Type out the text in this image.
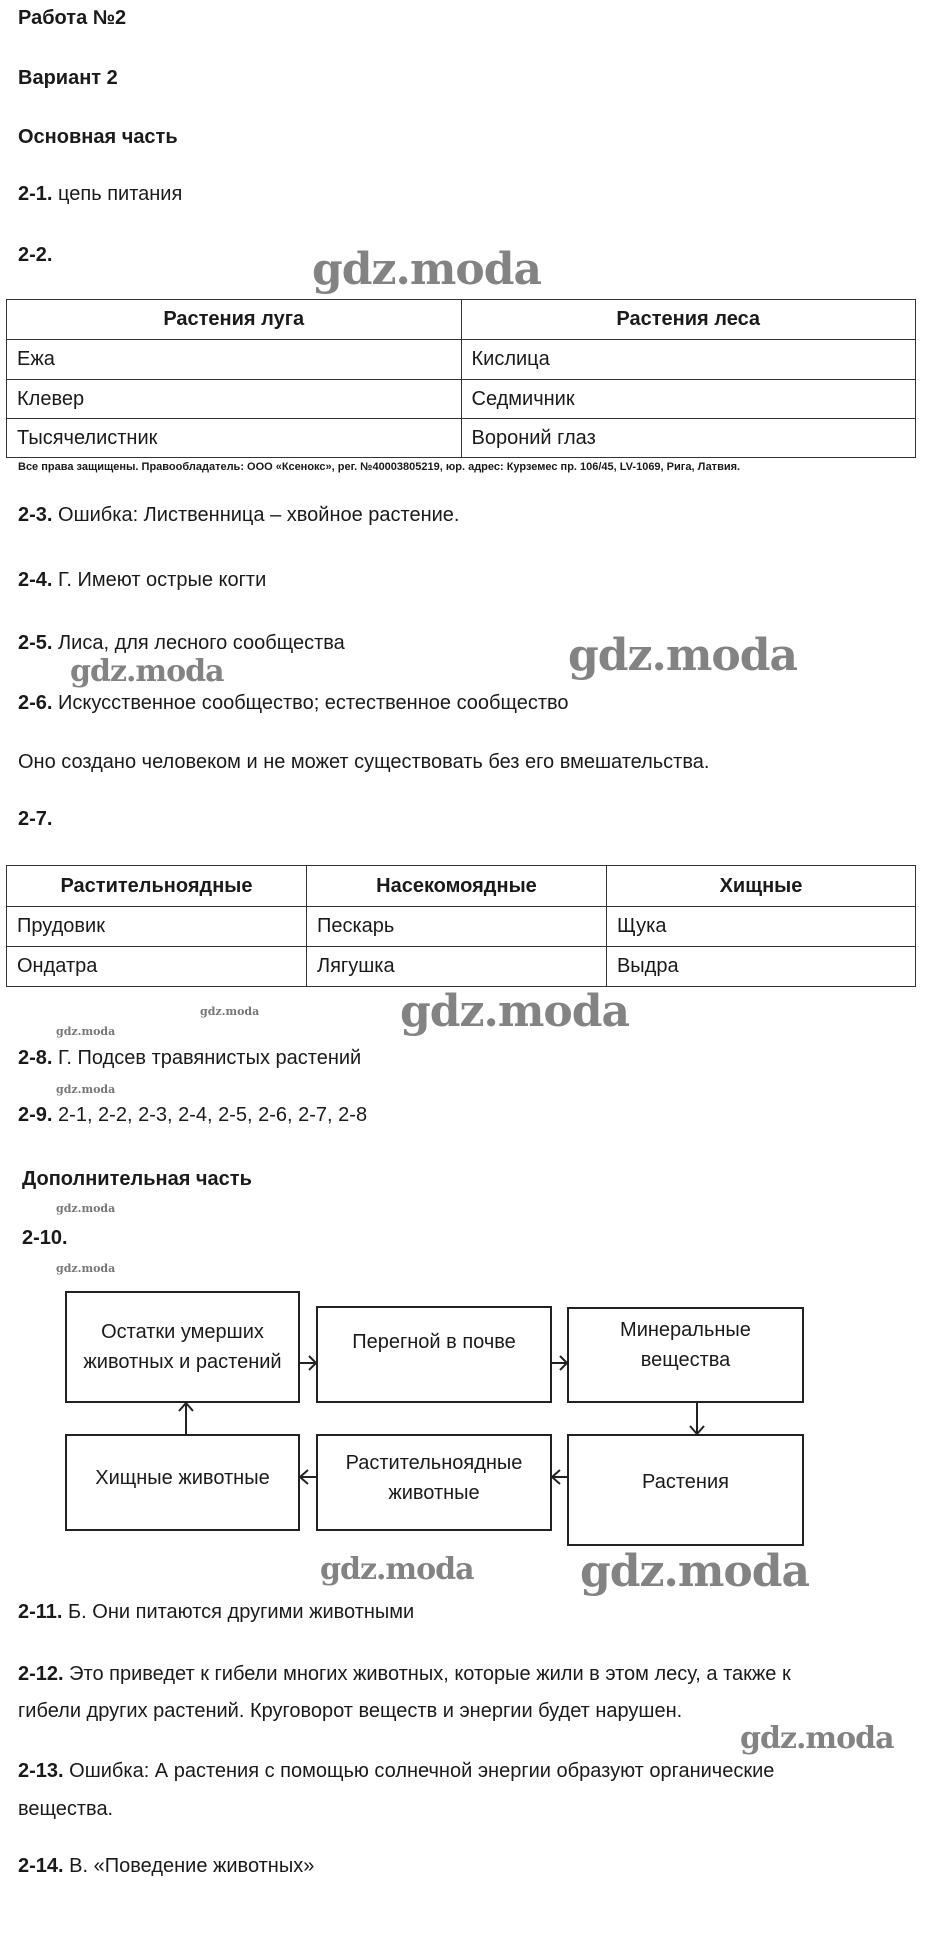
Работа №2
Вариант 2
Основная часть
2-1. цепь питания
2-2.
Растения луга	Растения леса
Ежа	Кислица
Клевер	Седмичник
Тысячелистник	Вороний глаз
Все права защищены. Правообладатель: ООО «Ксенокс», рег. №40003805219, юр. адрес: Курземес пр. 106/45, LV-1069, Рига, Латвия.
2-3. Ошибка: Лиственница – хвойное растение.
2-4. Г. Имеют острые когти
2-5. Лиса, для лесного сообщества
2-6. Искусственное сообщество; естественное сообщество
Оно создано человеком и не может существовать без его вмешательства.
2-7.
Растительноядные	Насекомоядные	Хищные
Прудовик	Пескарь	Щука
Ондатра	Лягушка	Выдра
2-8. Г. Подсев травянистых растений
2-9. 2-1, 2-2, 2-3, 2-4, 2-5, 2-6, 2-7, 2-8
Дополнительная часть
2-10.
Остатки умерших животных и растений
Перегной в почве
Минеральные вещества
Растения
Растительноядные животные
Хищные животные
2-11. Б. Они питаются другими животными
2-12. Это приведет к гибели многих животных, которые жили в этом лесу, а также к
гибели других растений. Круговорот веществ и энергии будет нарушен.
2-13. Ошибка: А растения с помощью солнечной энергии образуют органические
вещества.
2-14. В. «Поведение животных»
gdz.moda
gdz.moda
gdz.moda
gdz.moda
gdz.moda gdz.moda
gdz.moda
gdz.moda
gdz.moda
gdz.moda
gdz.moda
gdz.moda
